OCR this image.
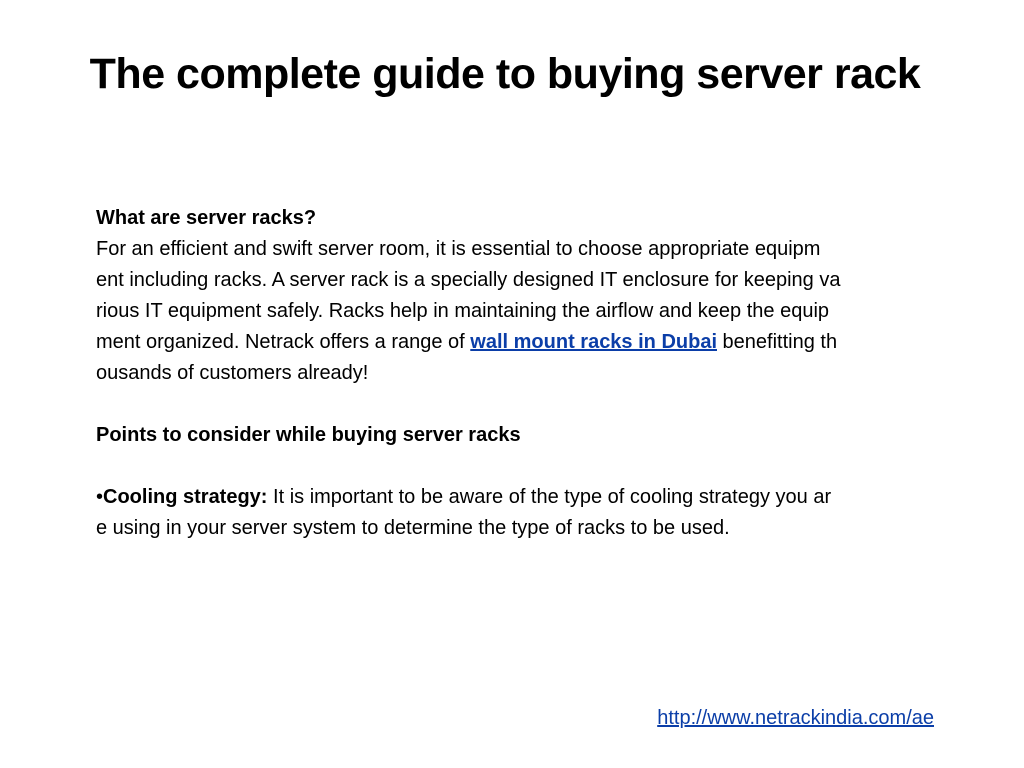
The complete guide to buying server rack
What are server racks?
For an efficient and swift server room, it is essential to choose appropriate equipm
ent including racks. A server rack is a specially designed IT enclosure for keeping va
rious IT equipment safely. Racks help in maintaining the airflow and keep the equip
ment organized. Netrack offers a range of wall mount racks in Dubai benefitting th
ousands of customers already!
Points to consider while buying server racks
•Cooling strategy: It is important to be aware of the type of cooling strategy you ar
e using in your server system to determine the type of racks to be used.
http://www.netrackindia.com/ae
